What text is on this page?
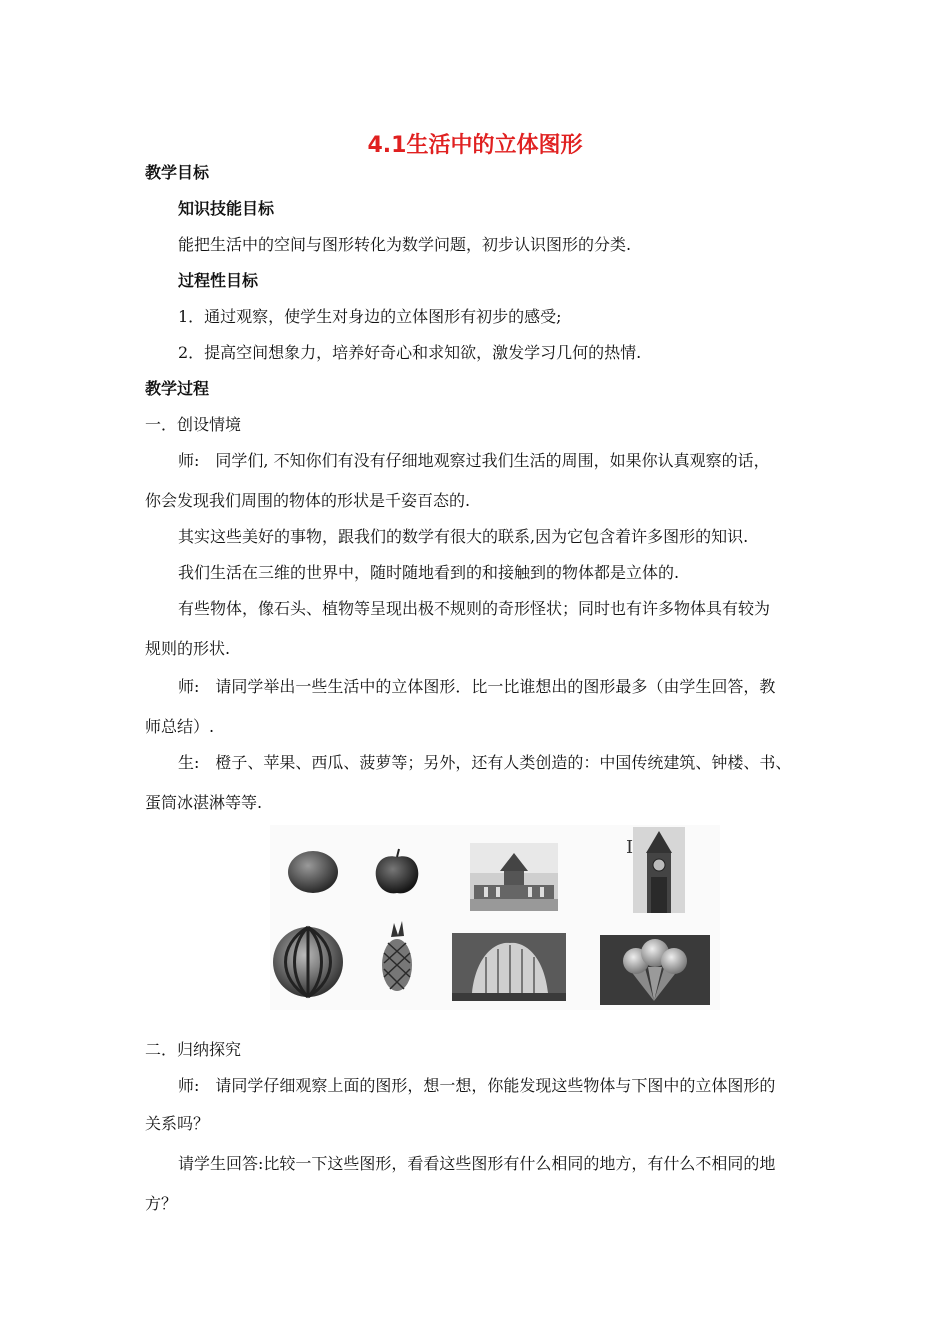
4.1生活中的立体图形
教学目标
知识技能目标
能把生活中的空间与图形转化为数学问题，初步认识图形的分类.
过程性目标
1．通过观察，使学生对身边的立体图形有初步的感受;
2．提高空间想象力，培养好奇心和求知欲，激发学习几何的热情.
教学过程
一．创设情境
师:　同学们, 不知你们有没有仔细地观察过我们生活的周围，如果你认真观察的话，
你会发现我们周围的物体的形状是千姿百态的.
其实这些美好的事物，跟我们的数学有很大的联系,因为它包含着许多图形的知识.
我们生活在三维的世界中，随时随地看到的和接触到的物体都是立体的.
有些物体，像石头、植物等呈现出极不规则的奇形怪状；同时也有许多物体具有较为
规则的形状.
师:　请同学举出一些生活中的立体图形．比一比谁想出的图形最多（由学生回答，教
师总结）.
生:　橙子、苹果、西瓜、菠萝等；另外，还有人类创造的：中国传统建筑、钟楼、书、
蛋筒冰湛淋等等.
I
二．归纳探究
师:　请同学仔细观察上面的图形，想一想，你能发现这些物体与下图中的立体图形的
关系吗？
请学生回答:比较一下这些图形，看看这些图形有什么相同的地方，有什么不相同的地
方？
